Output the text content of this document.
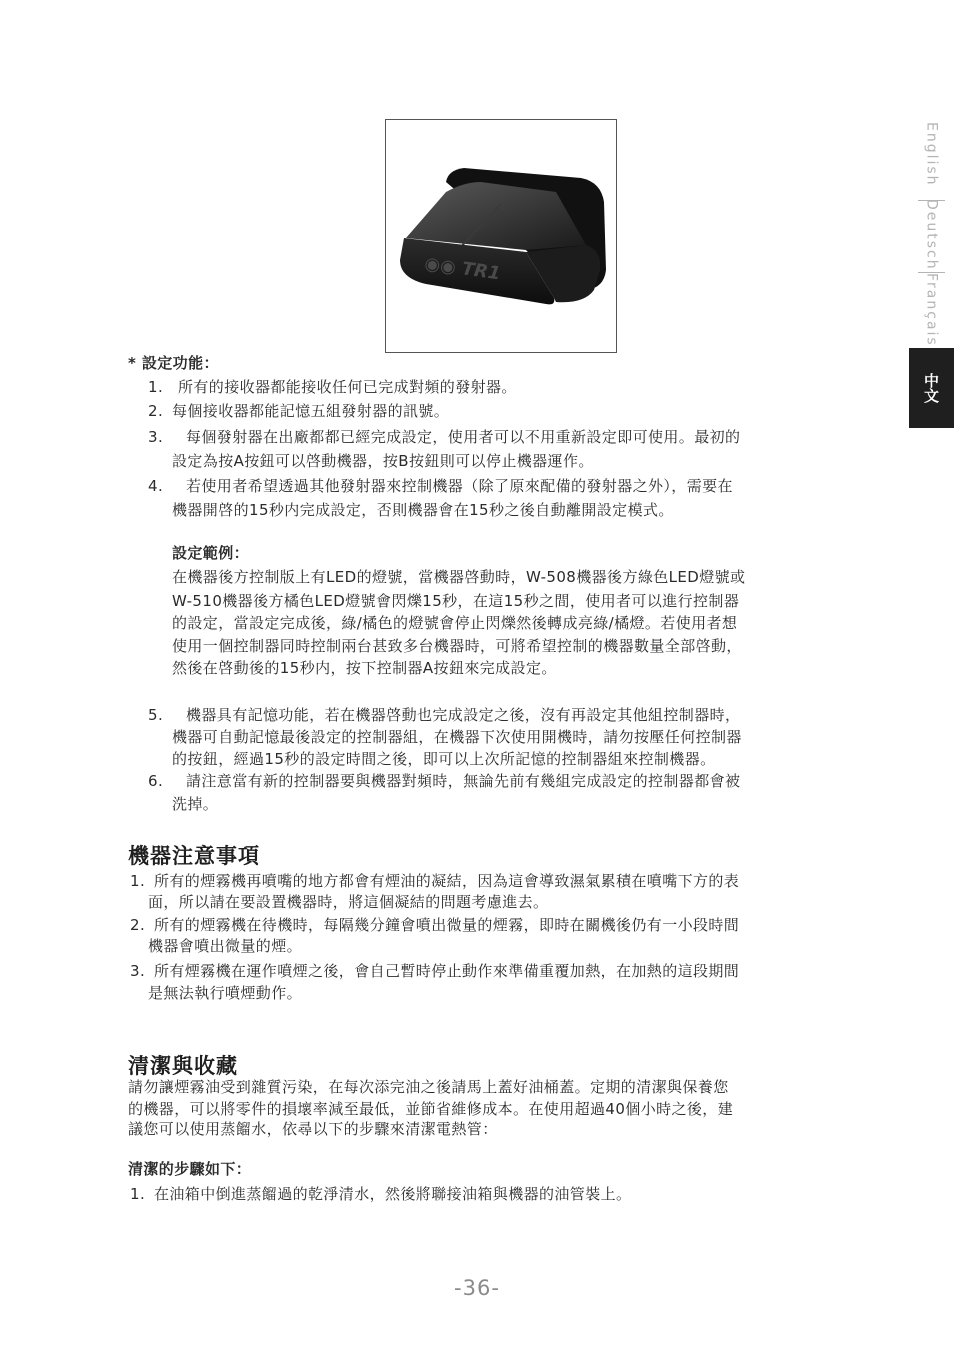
◉◉ TR1
English
Deutsch
Français
中文
* 設定功能：
1. 所有的接收器都能接收任何已完成對頻的發射器。
2. 每個接收器都能記憶五組發射器的訊號。
3. 每個發射器在出廠都都已經完成設定，使用者可以不用重新設定即可使用。最初的
設定為按A按鈕可以啓動機器，按B按鈕則可以停止機器運作。
4. 若使用者希望透過其他發射器來控制機器（除了原來配備的發射器之外），需要在
機器開啓的15秒内完成設定，否則機器會在15秒之後自動離開設定模式。
設定範例：
在機器後方控制版上有LED的燈號，當機器啓動時，W-508機器後方綠色LED燈號或
W-510機器後方橘色LED燈號會閃爍15秒，在這15秒之間，使用者可以進行控制器
的設定，當設定完成後，綠/橘色的燈號會停止閃爍然後轉成亮綠/橘燈。若使用者想
使用一個控制器同時控制兩台甚致多台機器時，可將希望控制的機器數量全部啓動，
然後在啓動後的15秒内，按下控制器A按鈕來完成設定。
5. 機器具有記憶功能，若在機器啓動也完成設定之後，沒有再設定其他組控制器時，
機器可自動記憶最後設定的控制器組，在機器下次使用開機時，請勿按壓任何控制器
的按鈕，經過15秒的設定時間之後，即可以上次所記憶的控制器組來控制機器。
6. 請注意當有新的控制器要與機器對頻時，無論先前有幾組完成設定的控制器都會被
洗掉。
機器注意事項
1. 所有的煙霧機再噴嘴的地方都會有煙油的凝結，因為這會導致濕氣累積在噴嘴下方的表
面，所以請在要設置機器時，將這個凝結的問題考慮進去。
2. 所有的煙霧機在待機時，每隔幾分鐘會噴出微量的煙霧，即時在關機後仍有一小段時間
機器會噴出微量的煙。
3. 所有煙霧機在運作噴煙之後，會自己暫時停止動作來準備重覆加熱，在加熱的這段期間
是無法執行噴煙動作。
清潔與收藏
請勿讓煙霧油受到雜質污染，在每次添完油之後請馬上蓋好油桶蓋。定期的清潔與保養您
的機器，可以將零件的損壞率減至最低，並節省維修成本。在使用超過40個小時之後，建
議您可以使用蒸餾水，依尋以下的步驟來清潔電熱管：
清潔的步驟如下：
1. 在油箱中倒進蒸餾過的乾淨清水，然後將聯接油箱與機器的油管裝上。
-36-
